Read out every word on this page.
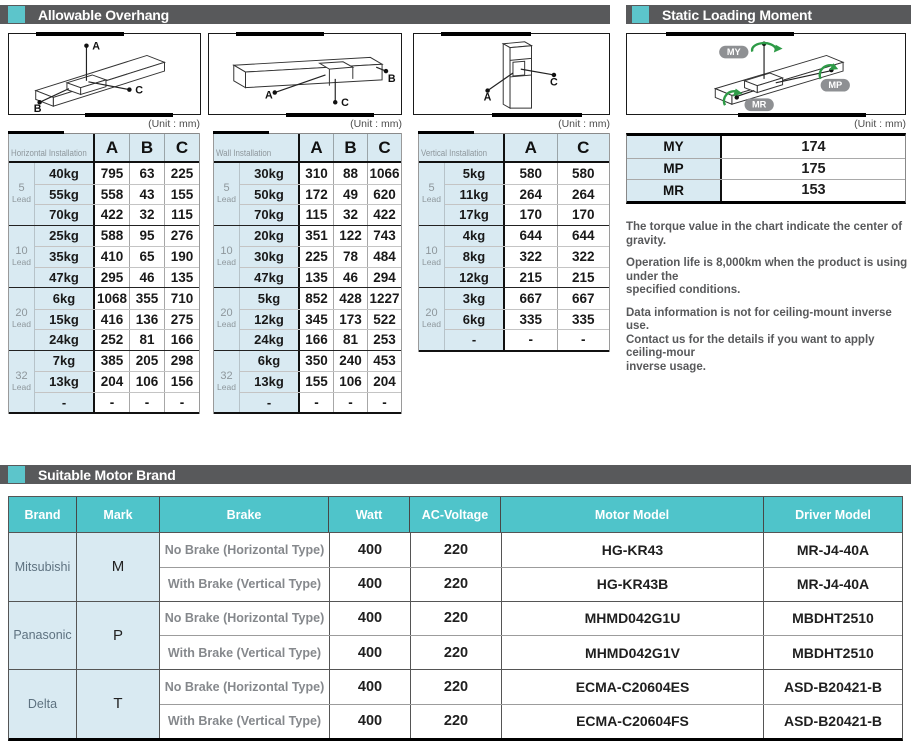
Allowable Overhang	Static Loading Moment
A
C
B
A
C
B
A
C
MY
MP
MR
(Unit : mm)	(Unit : mm)	(Unit : mm)	(Unit : mm)
Horizontal Installation	A	B	C
5
Lead
40kg	795	63	225
55kg	558	43	155
70kg	422	32	115
10
Lead
25kg	588	95	276
35kg	410	65	190
47kg	295	46	135
20
Lead
6kg	1068 355 710
15kg	416 136 275
24kg	252	81	166
32
Lead
7kg	385 205 298
13kg	204 106 156
-	-	-	-
Wall Installation	A	B	C
5
Lead
30kg	310	88 1066
50kg	172	49	620
70kg	115	32	422
10
Lead
20kg	351 122 743
30kg	225	78	484
47kg	135	46	294
20
Lead
5kg	852 428 1227
12kg	345 173 522
24kg	166	81	253
32
Lead
6kg	350 240 453
13kg	155 106 204
-	-	-	-
Vertical Installation	A	C
5
Lead
5kg	580	580
11kg	264	264
17kg	170	170
10
Lead
4kg	644	644
8kg	322	322
12kg	215	215
20
Lead
3kg	667	667
6kg	335	335
-	-	-
MY	174
MP	175
MR	153
The torque value in the chart indicate the center of gravity.
Operation life is 8,000km when the product is using under the
specified conditions.
Data information is not for ceiling-mount inverse use.
Contact us for the details if you want to apply ceiling-mour
inverse usage.
Suitable Motor Brand
Brand	Mark	Brake	Watt	AC-Voltage	Motor Model	Driver Model
Mitsubishi	M
No Brake (Horizontal Type)	400	220	HG-KR43	MR-J4-40A
With Brake (Vertical Type)	400	220	HG-KR43B	MR-J4-40A
Panasonic	P
No Brake (Horizontal Type)	400	220	MHMD042G1U	MBDHT2510
With Brake (Vertical Type)	400	220	MHMD042G1V	MBDHT2510
Delta	T
No Brake (Horizontal Type)	400	220	ECMA-C20604ES	ASD-B20421-B
With Brake (Vertical Type)	400	220	ECMA-C20604FS	ASD-B20421-B
